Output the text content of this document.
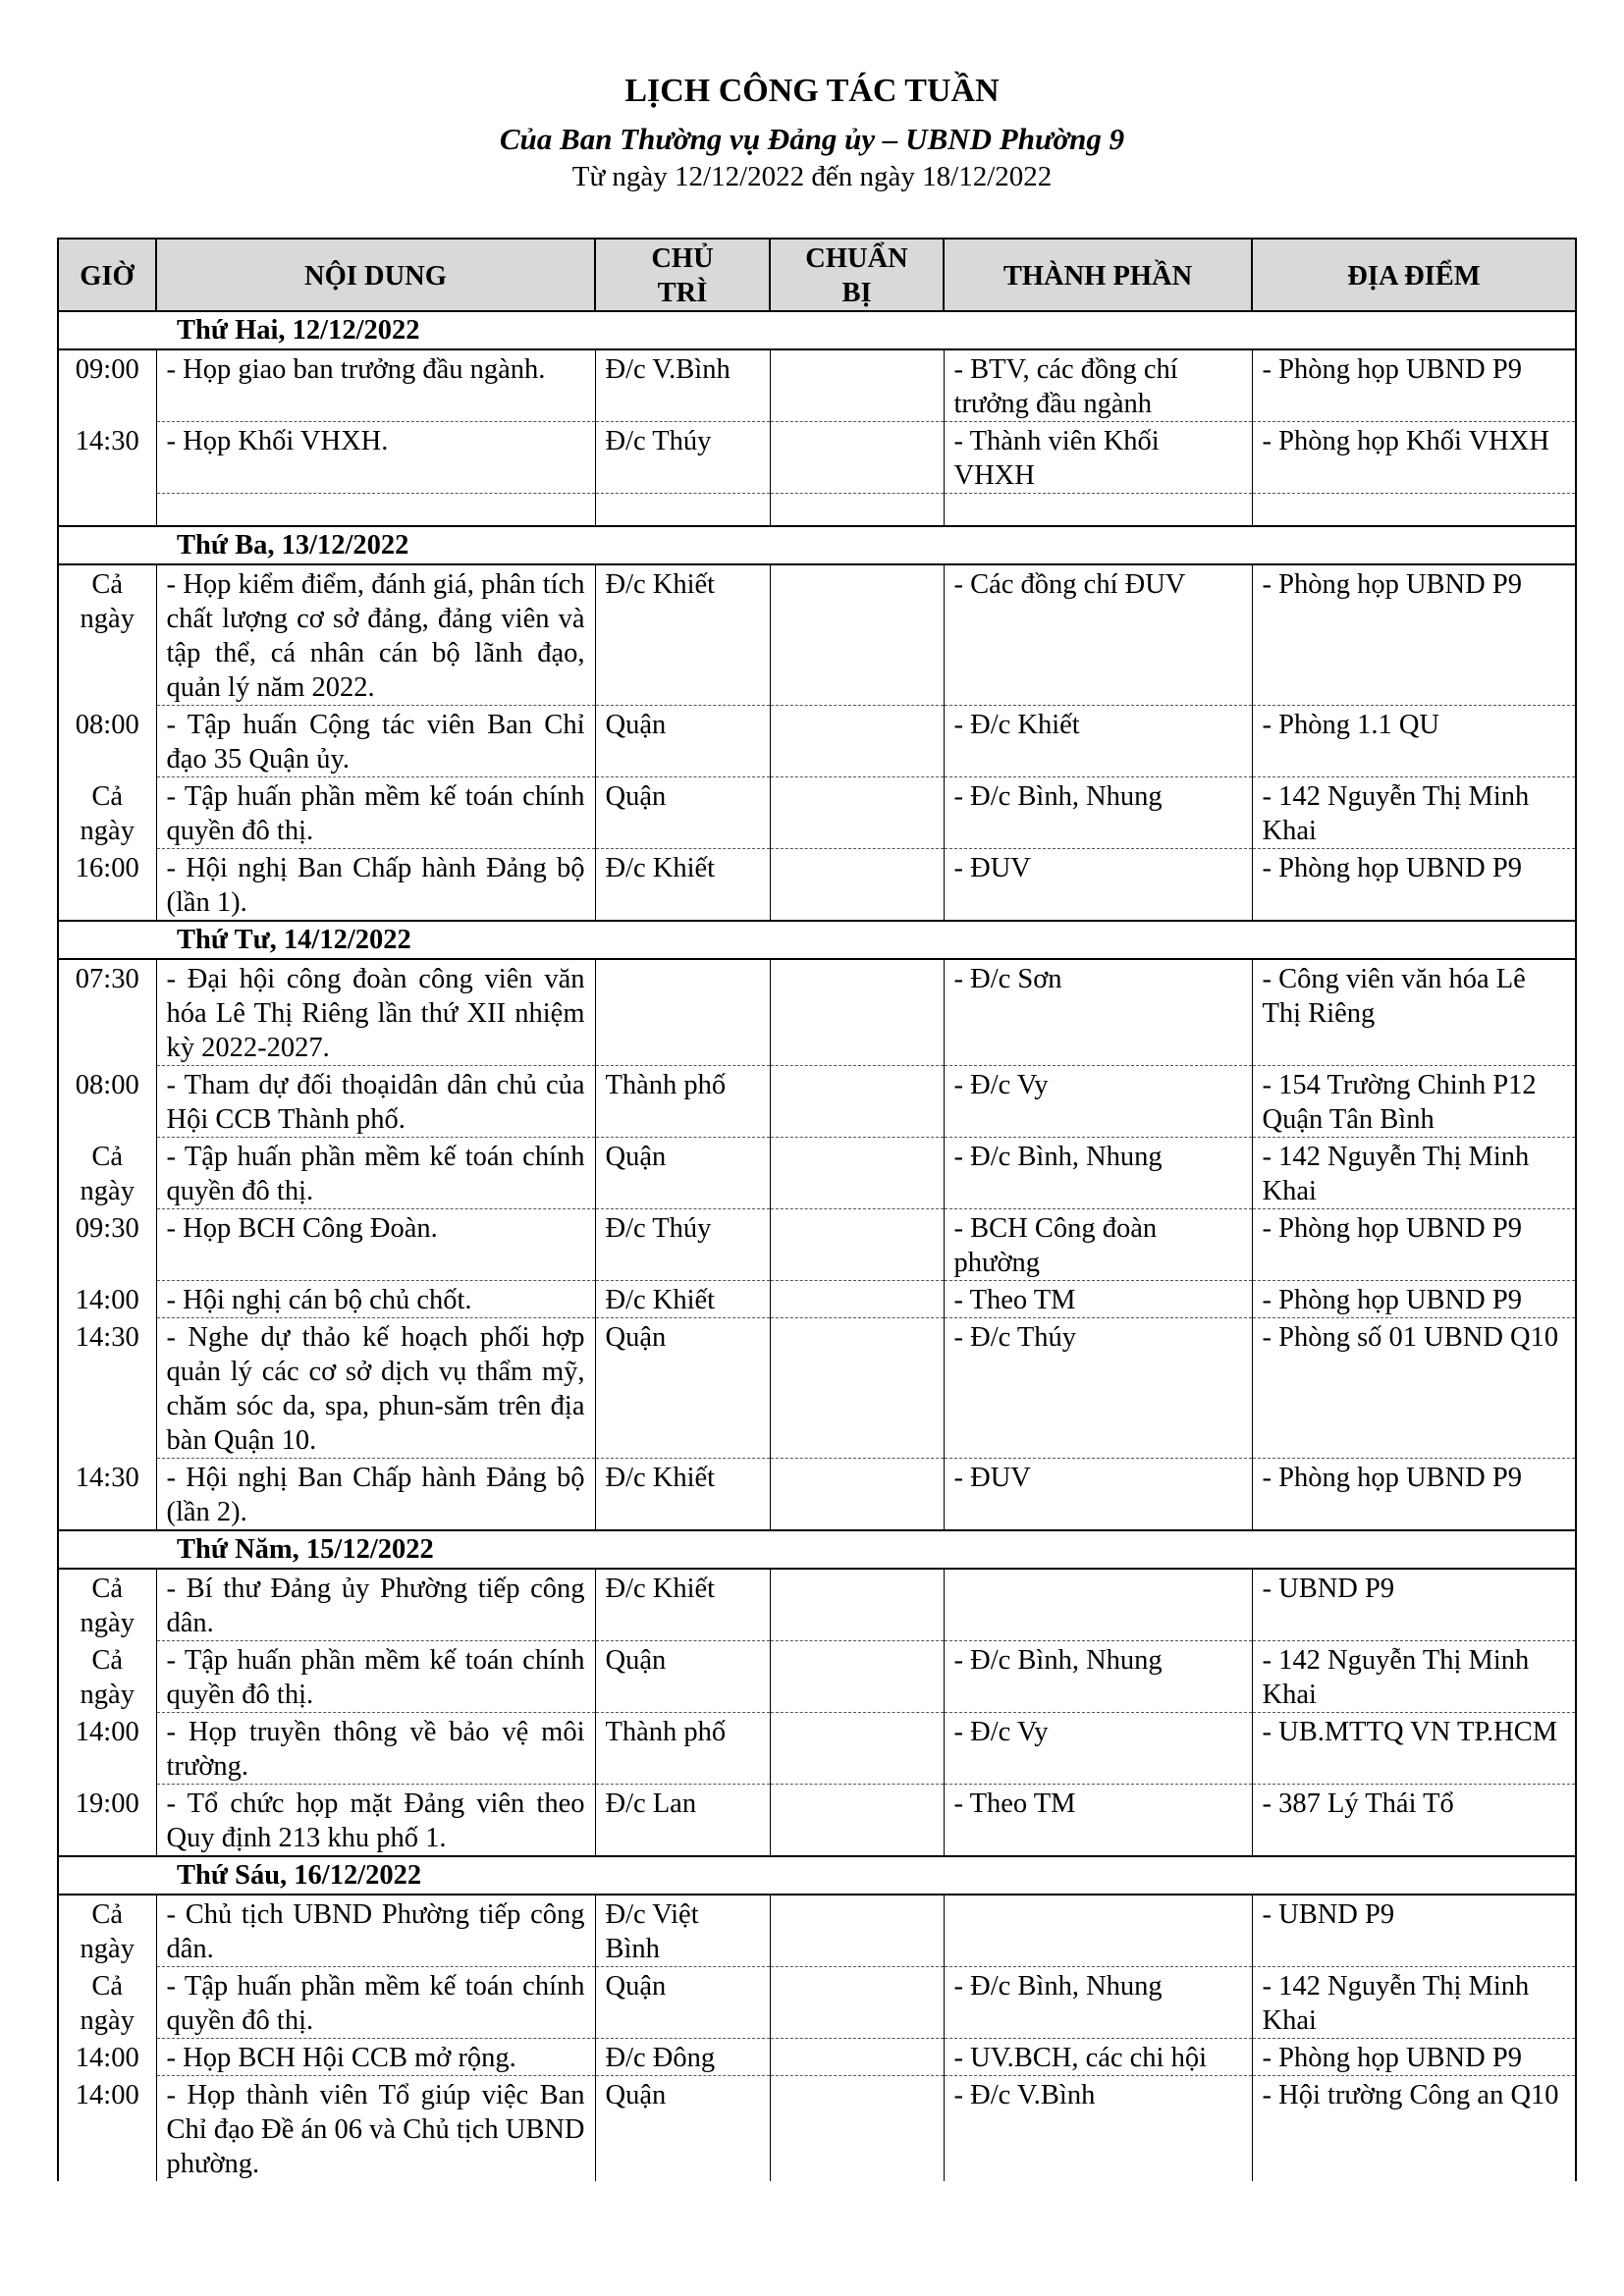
LỊCH CÔNG TÁC TUẦN
Của Ban Thường vụ Đảng ủy – UBND Phường 9
Từ ngày 12/12/2022 đến ngày 18/12/2022
GIỜ	NỘI DUNG	CHỦ TRÌ	CHUẨN BỊ	THÀNH PHẦN	ĐỊA ĐIỂM
Thứ Hai, 12/12/2022					
09:00	- Họp giao ban trưởng đầu ngành.	Đ/c V.Bình		- BTV, các đồng chí trưởng đầu ngành	- Phòng họp UBND P9
14:30	- Họp Khối VHXH.	Đ/c Thúy		- Thành viên Khối VHXH	- Phòng họp Khối VHXH

Thứ Ba, 13/12/2022					
Cả ngày	- Họp kiểm điểm, đánh giá, phân tích chất lượng cơ sở đảng, đảng viên và tập thể, cá nhân cán bộ lãnh đạo, quản lý năm 2022.	Đ/c Khiết		- Các đồng chí ĐUV	- Phòng họp UBND P9
08:00	- Tập huấn Cộng tác viên Ban Chỉ đạo 35 Quận ủy.	Quận		- Đ/c Khiết	- Phòng 1.1 QU
Cả ngày	- Tập huấn phần mềm kế toán chính quyền đô thị.	Quận		- Đ/c Bình, Nhung	- 142 Nguyễn Thị Minh Khai
16:00	- Hội nghị Ban Chấp hành Đảng bộ (lần 1).	Đ/c Khiết		- ĐUV	- Phòng họp UBND P9
Thứ Tư, 14/12/2022					
07:30	- Đại hội công đoàn công viên văn hóa Lê Thị Riêng lần thứ XII nhiệm kỳ 2022-2027.			- Đ/c Sơn	- Công viên văn hóa Lê Thị Riêng
08:00	- Tham dự đối thoạidân dân chủ của Hội CCB Thành phố.	Thành phố		- Đ/c Vy	- 154 Trường Chinh P12 Quận Tân Bình
Cả ngày	- Tập huấn phần mềm kế toán chính quyền đô thị.	Quận		- Đ/c Bình, Nhung	- 142 Nguyễn Thị Minh Khai
09:30	- Họp BCH Công Đoàn.	Đ/c Thúy		- BCH Công đoàn phường	- Phòng họp UBND P9
14:00	- Hội nghị cán bộ chủ chốt.	Đ/c Khiết		- Theo TM	- Phòng họp UBND P9
14:30	- Nghe dự thảo kế hoạch phối hợp quản lý các cơ sở dịch vụ thẩm mỹ, chăm sóc da, spa, phun-săm trên địa bàn Quận 10.	Quận		- Đ/c Thúy	- Phòng số 01 UBND Q10
14:30	- Hội nghị Ban Chấp hành Đảng bộ (lần 2).	Đ/c Khiết		- ĐUV	- Phòng họp UBND P9
Thứ Năm, 15/12/2022					
Cả ngày	- Bí thư Đảng ủy Phường tiếp công dân.	Đ/c Khiết			- UBND P9
Cả ngày	- Tập huấn phần mềm kế toán chính quyền đô thị.	Quận		- Đ/c Bình, Nhung	- 142 Nguyễn Thị Minh Khai
14:00	- Họp truyền thông về bảo vệ môi trường.	Thành phố		- Đ/c Vy	- UB.MTTQ VN TP.HCM
19:00	- Tổ chức họp mặt Đảng viên theo Quy định 213 khu phố 1.	Đ/c Lan		- Theo TM	- 387 Lý Thái Tổ
Thứ Sáu, 16/12/2022					
Cả ngày	- Chủ tịch UBND Phường tiếp công dân.	Đ/c Việt Bình			- UBND P9
Cả ngày	- Tập huấn phần mềm kế toán chính quyền đô thị.	Quận		- Đ/c Bình, Nhung	- 142 Nguyễn Thị Minh Khai
14:00	- Họp BCH Hội CCB mở rộng.	Đ/c Đông		- UV.BCH, các chi hội	- Phòng họp UBND P9
14:00	- Họp thành viên Tổ giúp việc Ban Chỉ đạo Đề án 06 và Chủ tịch UBND phường.	Quận		- Đ/c V.Bình	- Hội trường Công an Q10
